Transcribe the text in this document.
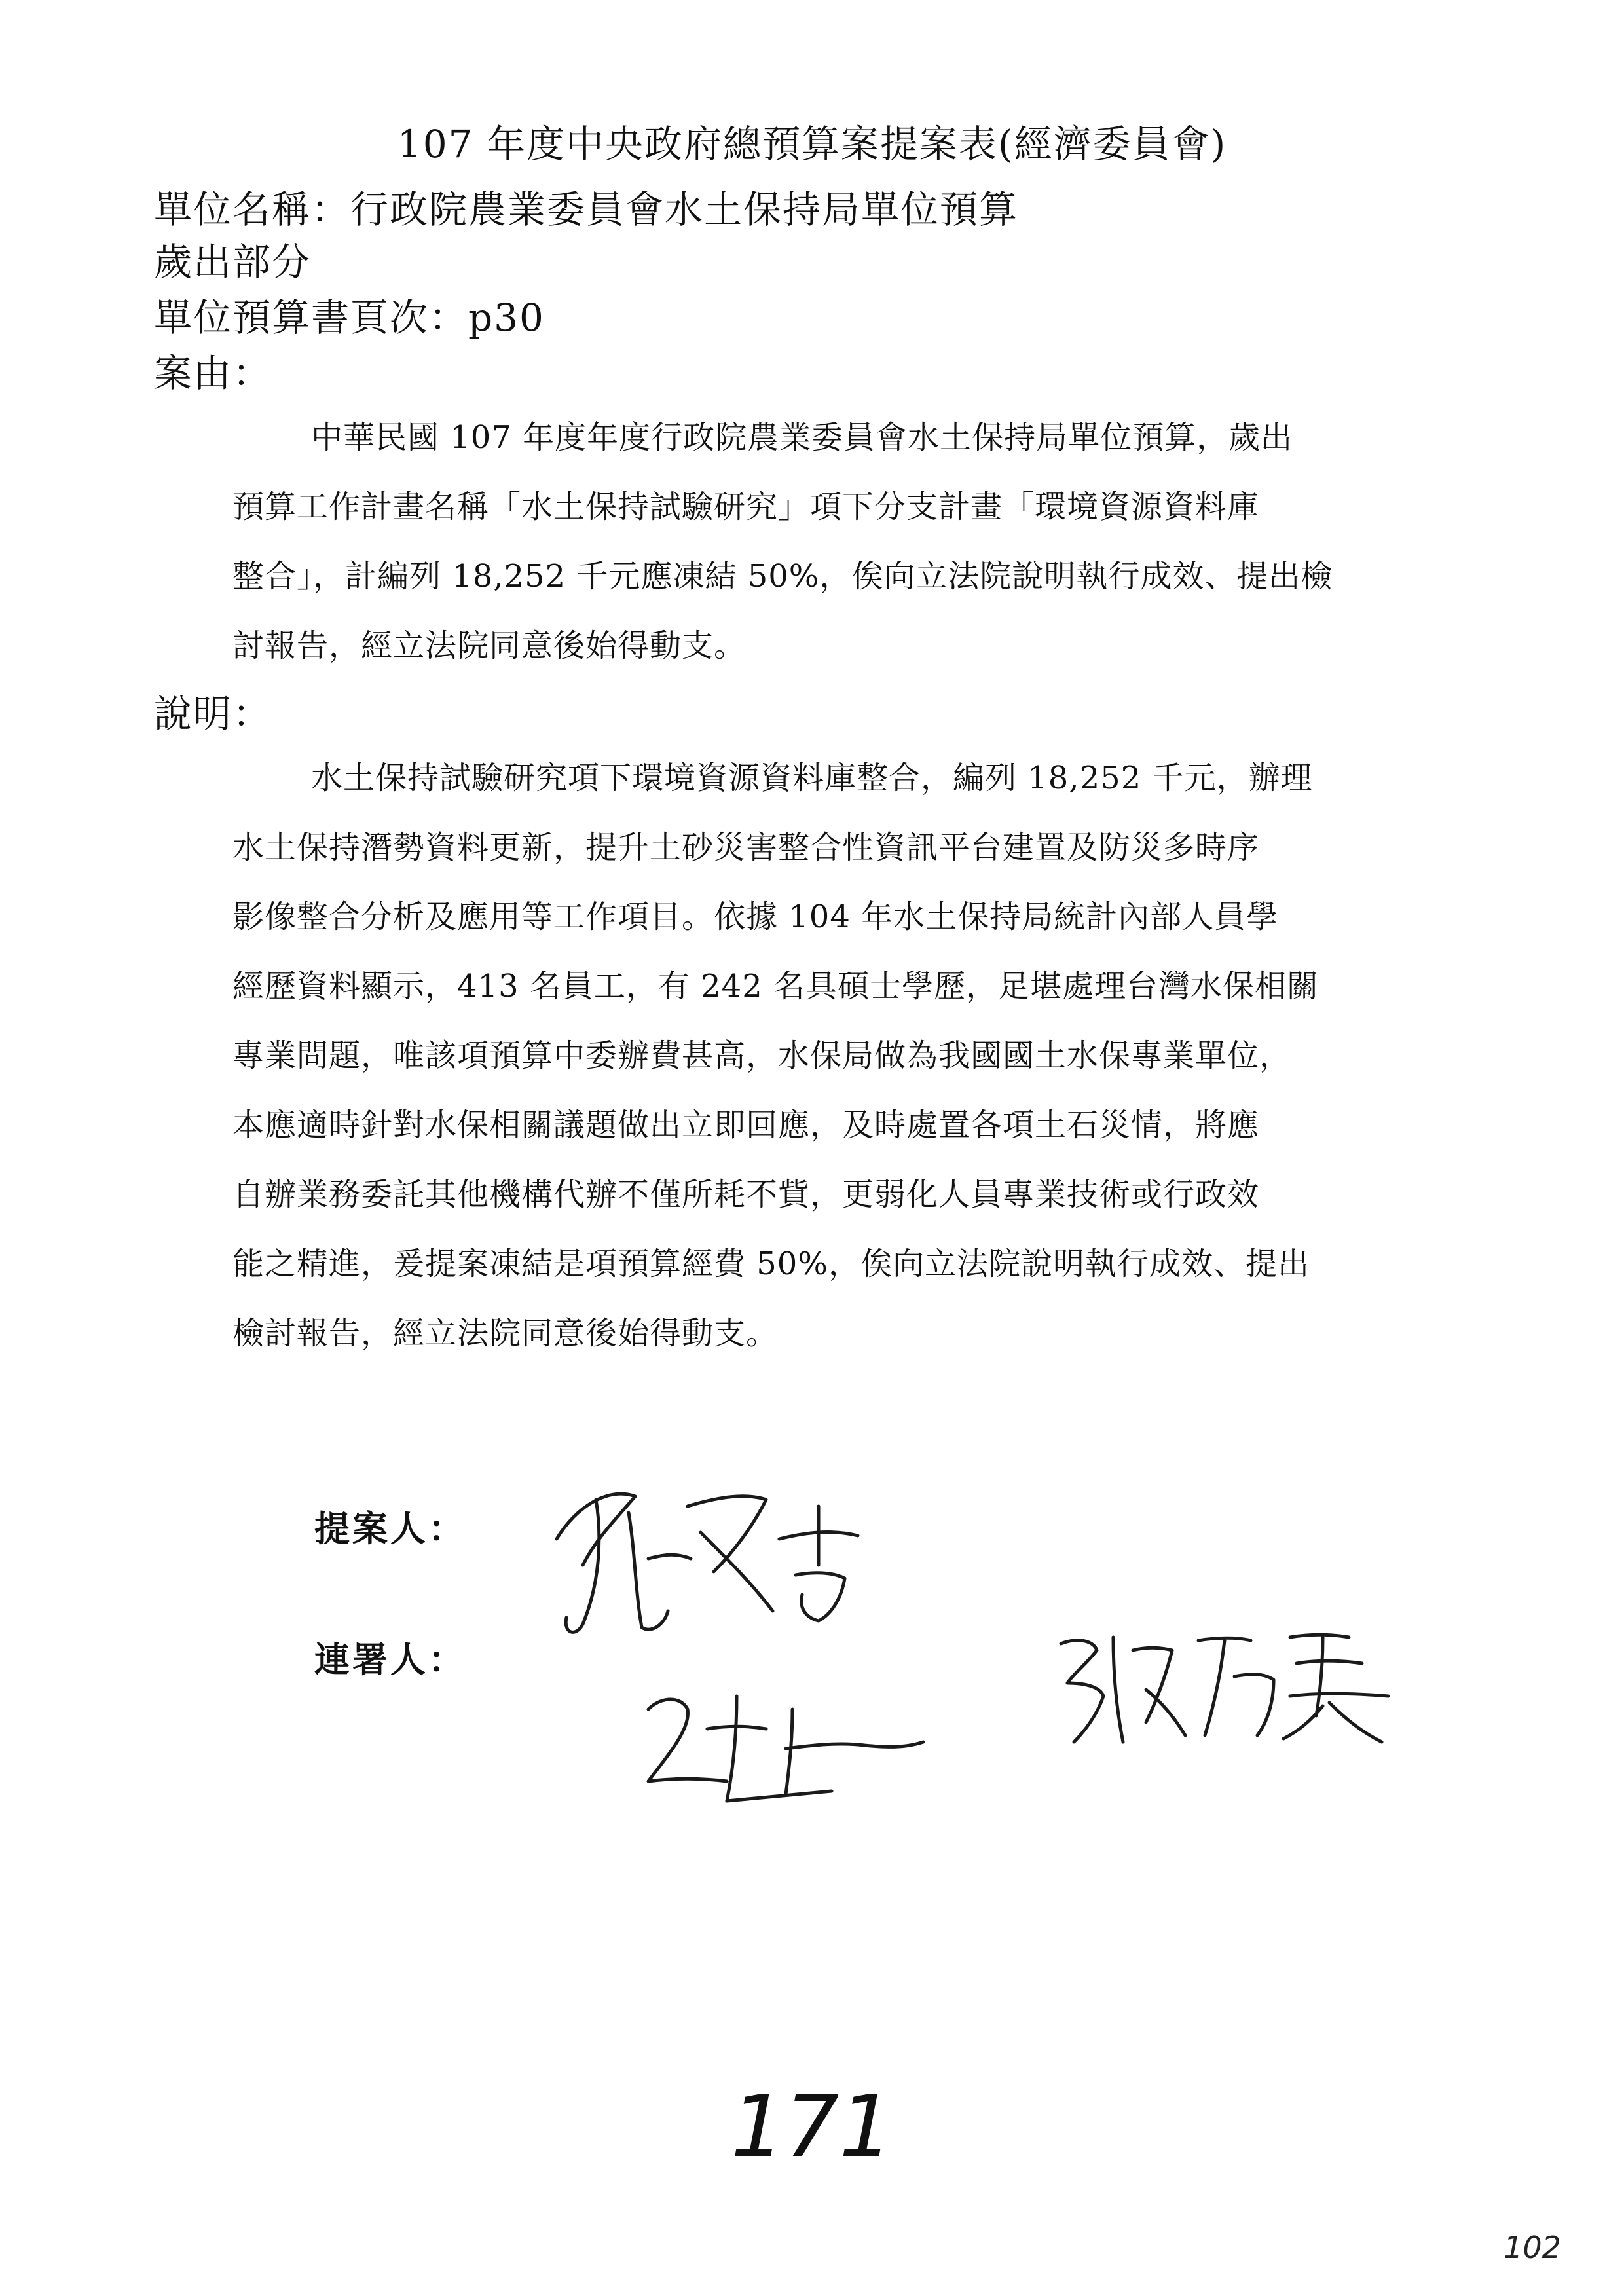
107 年度中央政府總預算案提案表(經濟委員會)
單位名稱：行政院農業委員會水土保持局單位預算
歲出部分
單位預算書頁次：p30
案由：
中華民國 107 年度年度行政院農業委員會水土保持局單位預算，歲出
預算工作計畫名稱「水土保持試驗研究」項下分支計畫「環境資源資料庫
整合」，計編列 18,252 千元應凍結 50%，俟向立法院說明執行成效、提出檢
討報告，經立法院同意後始得動支。
說明：
水土保持試驗研究項下環境資源資料庫整合，編列 18,252 千元，辦理
水土保持潛勢資料更新，提升土砂災害整合性資訊平台建置及防災多時序
影像整合分析及應用等工作項目。依據 104 年水土保持局統計內部人員學
經歷資料顯示，413 名員工，有 242 名具碩士學歷，足堪處理台灣水保相關
專業問題，唯該項預算中委辦費甚高，水保局做為我國國土水保專業單位，
本應適時針對水保相關議題做出立即回應，及時處置各項土石災情，將應
自辦業務委託其他機構代辦不僅所耗不貲，更弱化人員專業技術或行政效
能之精進，爰提案凍結是項預算經費 50%，俟向立法院說明執行成效、提出
檢討報告，經立法院同意後始得動支。
提案人：
連署人：
171
102
